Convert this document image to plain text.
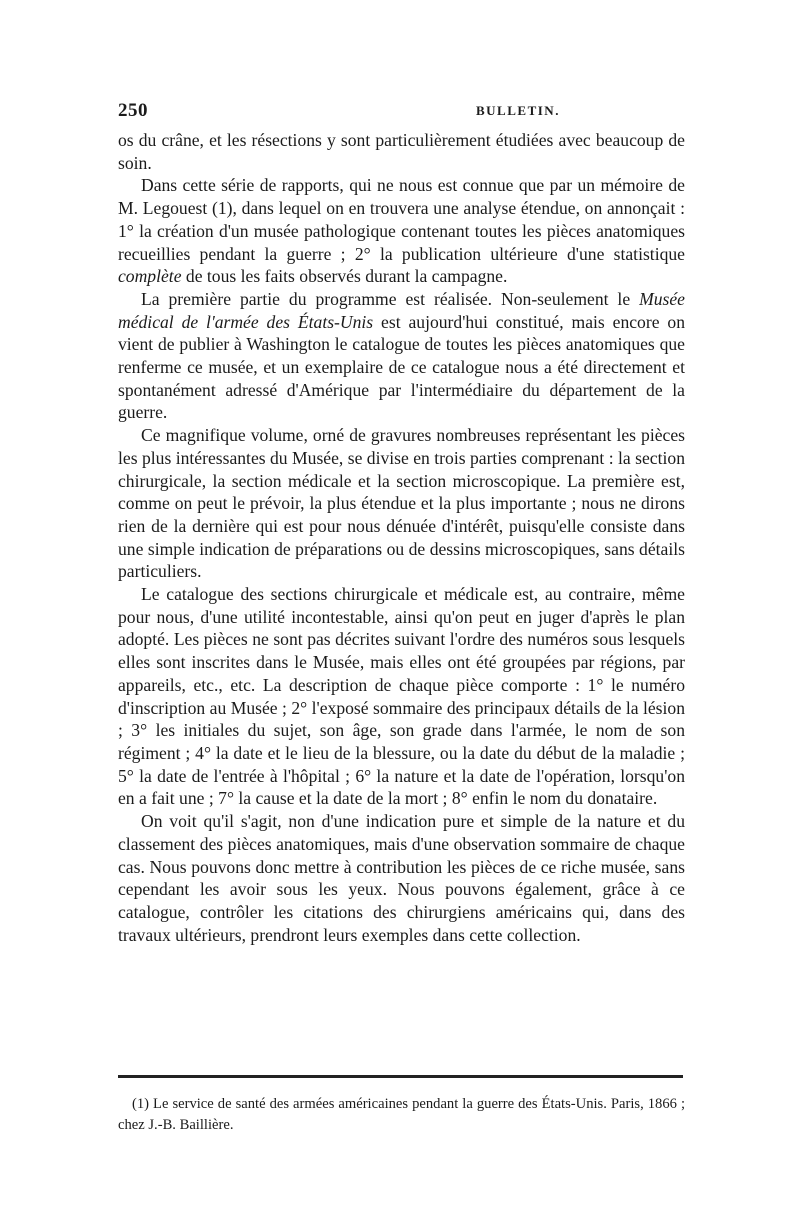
250	BULLETIN.

os du crâne, et les résections y sont particulièrement étudiées avec beaucoup de soin.

Dans cette série de rapports, qui ne nous est connue que par un mémoire de M. Legouest (1), dans lequel on en trouvera une analyse étendue, on annonçait : 1° la création d'un musée pathologique contenant toutes les pièces anatomiques recueillies pendant la guerre ; 2° la publication ultérieure d'une statistique complète de tous les faits observés durant la campagne.

La première partie du programme est réalisée. Non-seulement le Musée médical de l'armée des États-Unis est aujourd'hui constitué, mais encore on vient de publier à Washington le catalogue de toutes les pièces anatomiques que renferme ce musée, et un exemplaire de ce catalogue nous a été directement et spontanément adressé d'Amérique par l'intermédiaire du département de la guerre.

Ce magnifique volume, orné de gravures nombreuses représentant les pièces les plus intéressantes du Musée, se divise en trois parties comprenant : la section chirurgicale, la section médicale et la section microscopique. La première est, comme on peut le prévoir, la plus étendue et la plus importante ; nous ne dirons rien de la dernière qui est pour nous dénuée d'intérêt, puisqu'elle consiste dans une simple indication de préparations ou de dessins microscopiques, sans détails particuliers.

Le catalogue des sections chirurgicale et médicale est, au contraire, même pour nous, d'une utilité incontestable, ainsi qu'on peut en juger d'après le plan adopté. Les pièces ne sont pas décrites suivant l'ordre des numéros sous lesquels elles sont inscrites dans le Musée, mais elles ont été groupées par régions, par appareils, etc., etc. La description de chaque pièce comporte : 1° le numéro d'inscription au Musée ; 2° l'exposé sommaire des principaux détails de la lésion ; 3° les initiales du sujet, son âge, son grade dans l'armée, le nom de son régiment ; 4° la date et le lieu de la blessure, ou la date du début de la maladie ; 5° la date de l'entrée à l'hôpital ; 6° la nature et la date de l'opération, lorsqu'on en a fait une ; 7° la cause et la date de la mort ; 8° enfin le nom du donataire.

On voit qu'il s'agit, non d'une indication pure et simple de la nature et du classement des pièces anatomiques, mais d'une observation sommaire de chaque cas. Nous pouvons donc mettre à contribution les pièces de ce riche musée, sans cependant les avoir sous les yeux. Nous pouvons également, grâce à ce catalogue, contrôler les citations des chirurgiens américains qui, dans des travaux ultérieurs, prendront leurs exemples dans cette collection.

(1) Le service de santé des armées américaines pendant la guerre des États-Unis. Paris, 1866 ; chez J.-B. Baillière.
